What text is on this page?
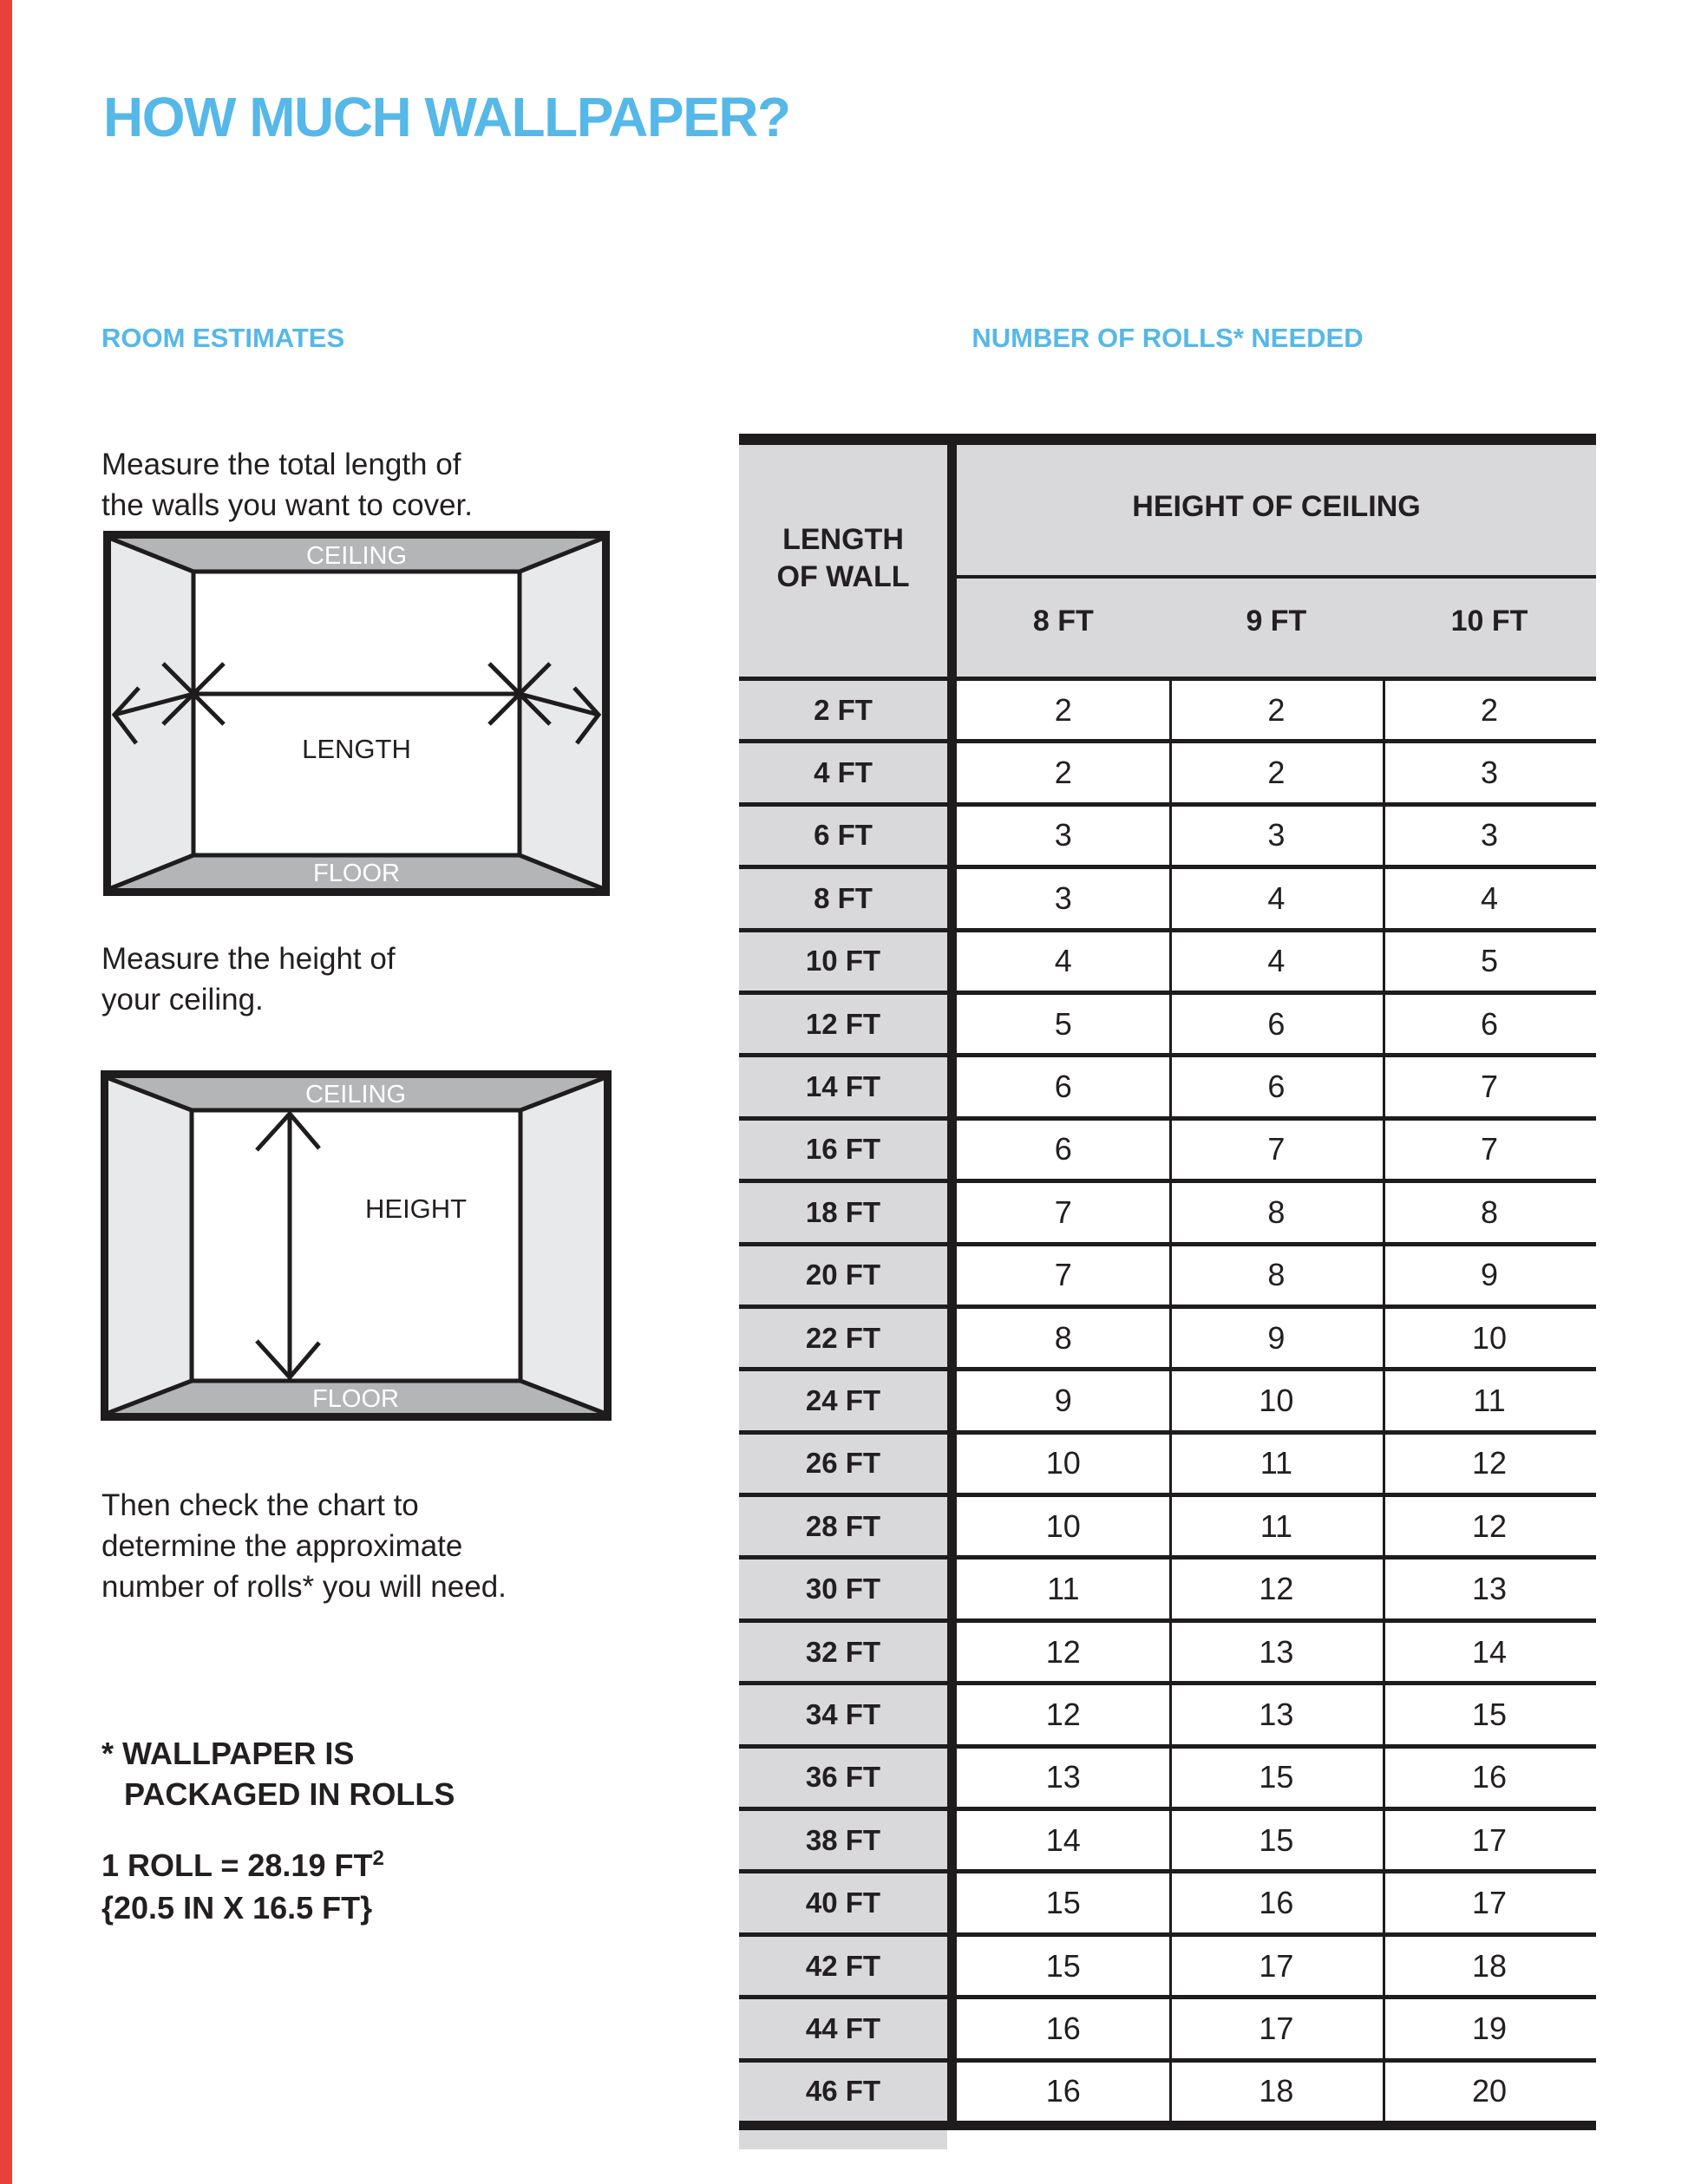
HOW MUCH WALLPAPER?
ROOM ESTIMATES	NUMBER OF ROLLS* NEEDED
Measure the total length of
the walls you want to cover.
CEILING
FLOOR
LENGTH
Measure the height of
your ceiling.
CEILING
FLOOR
HEIGHT
Then check the chart to
determine the approximate
number of rolls* you will need.
* WALLPAPER IS
PACKAGED IN ROLLS
1 ROLL = 28.19 $FT^2$
{20.5 IN X 16.5 FT}
LENGTH
OF WALL
HEIGHT OF CEILING
8 FT	9 FT	10 FT
2 FT	2	2	2
4 FT	2	2	3
6 FT	3	3	3
8 FT	3	4	4
10 FT	4	4	5
12 FT	5	6	6
14 FT	6	6	7
16 FT	6	7	7
18 FT	7	8	8
20 FT	7	8	9
22 FT	8	9	10
24 FT	9	10	11
26 FT	10	11	12
28 FT	10	11	12
30 FT	11	12	13
32 FT	12	13	14
34 FT	12	13	15
36 FT	13	15	16
38 FT	14	15	17
40 FT	15	16	17
42 FT	15	17	18
44 FT	16	17	19
46 FT	16	18	20
